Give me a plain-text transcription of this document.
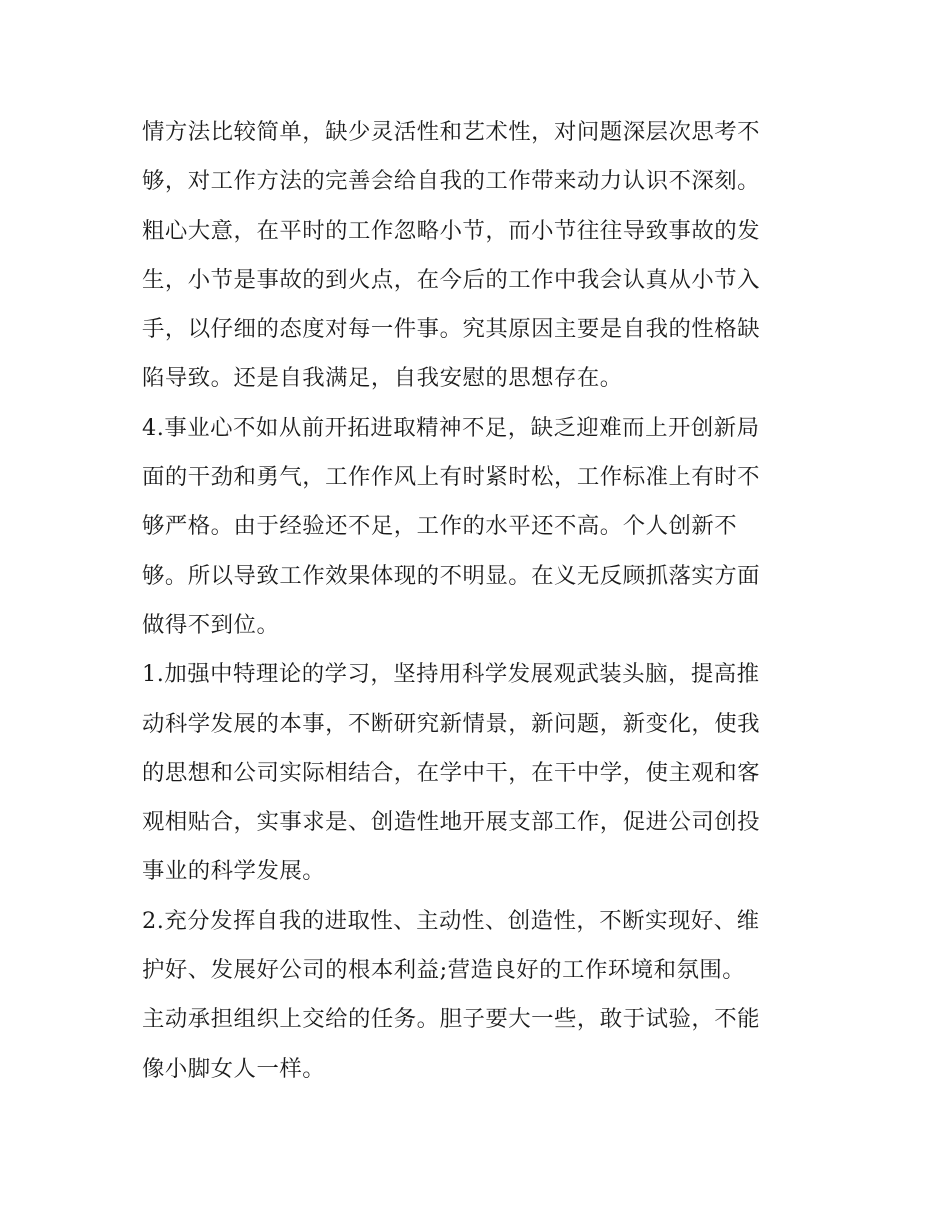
情方法比较简单，缺少灵活性和艺术性，对问题深层次思考不
够，对工作方法的完善会给自我的工作带来动力认识不深刻。
粗心大意，在平时的工作忽略小节，而小节往往导致事故的发
生，小节是事故的到火点，在今后的工作中我会认真从小节入
手，以仔细的态度对每一件事。究其原因主要是自我的性格缺
陷导致。还是自我满足，自我安慰的思想存在。
4.事业心不如从前开拓进取精神不足，缺乏迎难而上开创新局
面的干劲和勇气，工作作风上有时紧时松，工作标准上有时不
够严格。由于经验还不足，工作的水平还不高。个人创新不
够。所以导致工作效果体现的不明显。在义无反顾抓落实方面
做得不到位。
1.加强中特理论的学习，坚持用科学发展观武装头脑，提高推
动科学发展的本事，不断研究新情景，新问题，新变化，使我
的思想和公司实际相结合，在学中干，在干中学，使主观和客
观相贴合，实事求是、创造性地开展支部工作，促进公司创投
事业的科学发展。
2.充分发挥自我的进取性、主动性、创造性，不断实现好、维
护好、发展好公司的根本利益;营造良好的工作环境和氛围。
主动承担组织上交给的任务。胆子要大一些，敢于试验，不能
像小脚女人一样。
